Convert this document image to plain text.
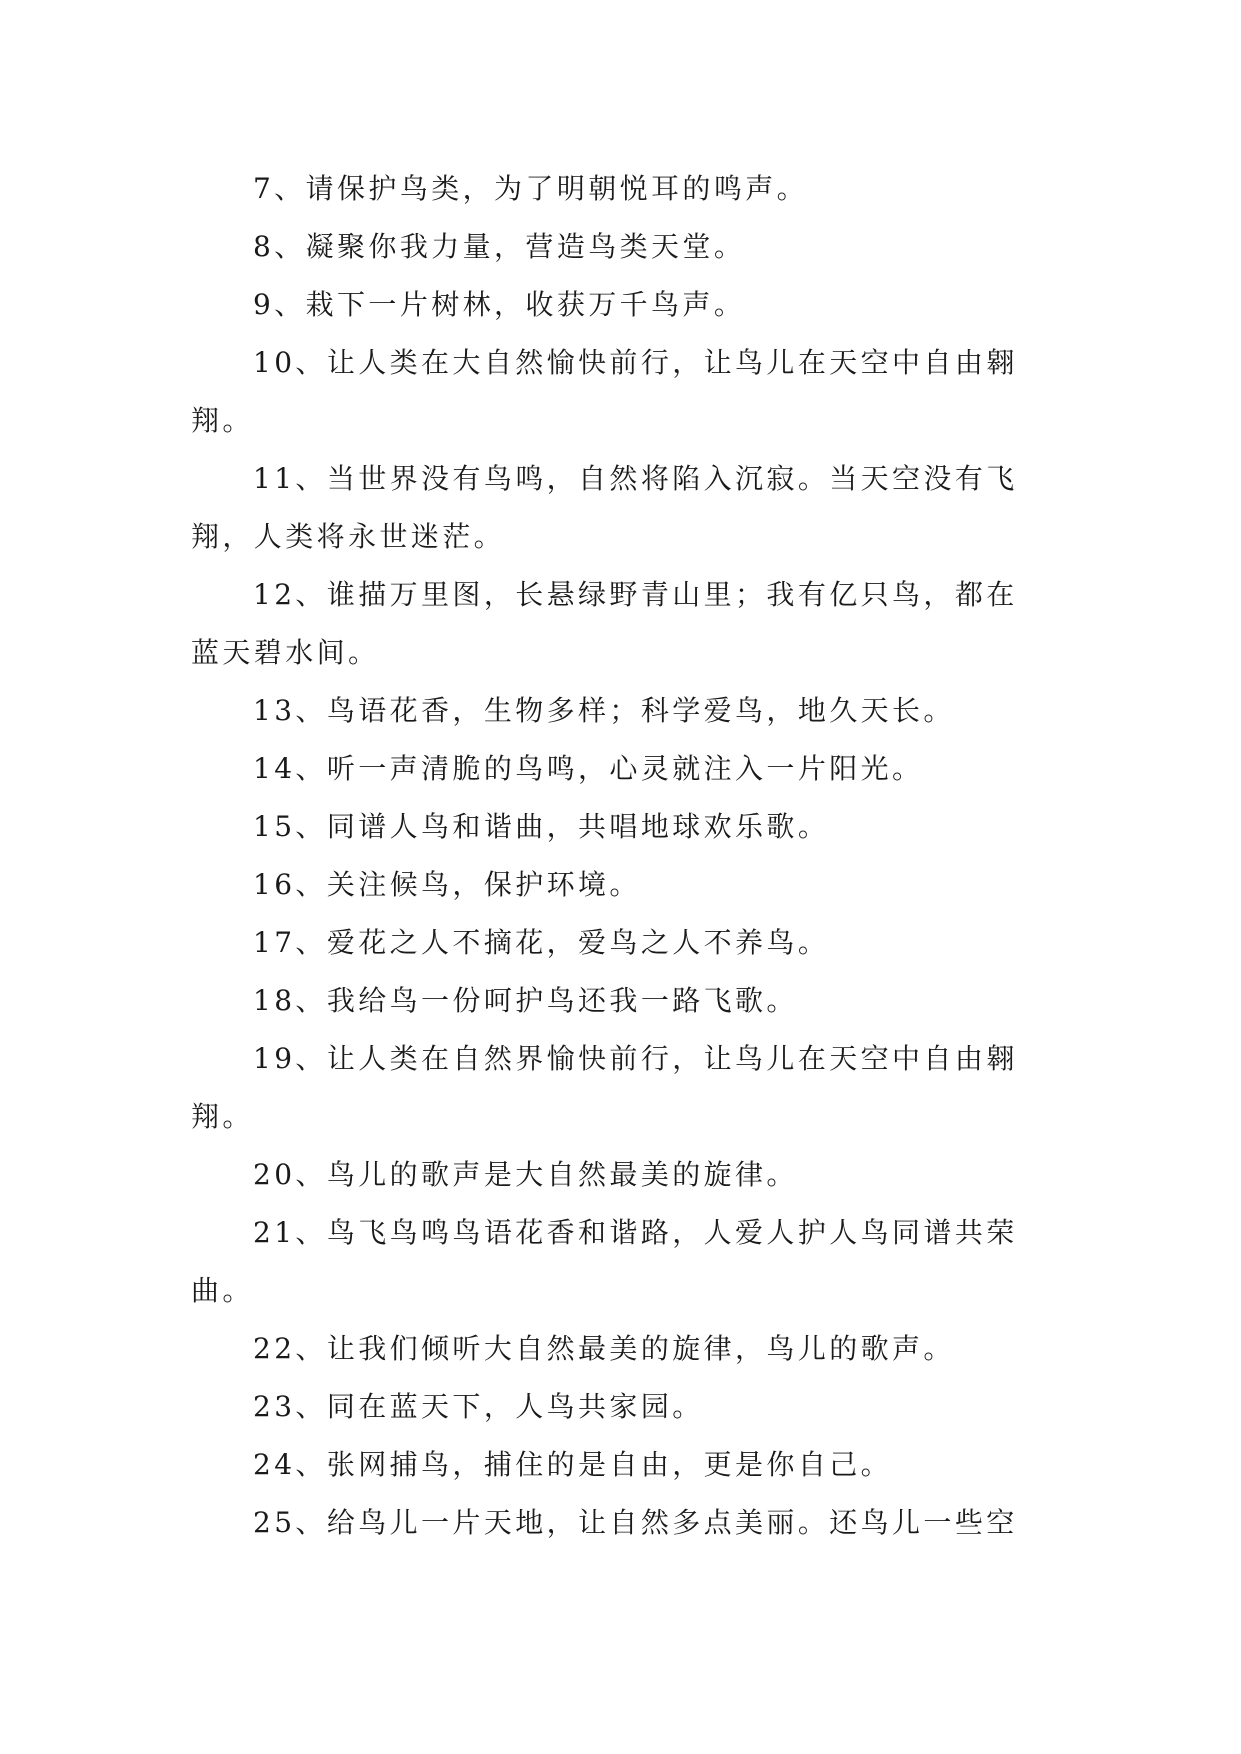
7、请保护鸟类，为了明朝悦耳的鸣声。

8、凝聚你我力量，营造鸟类天堂。

9、栽下一片树林，收获万千鸟声。

10、让人类在大自然愉快前行，让鸟儿在天空中自由翱翔。

11、当世界没有鸟鸣，自然将陷入沉寂。当天空没有飞翔，人类将永世迷茫。

12、谁描万里图，长悬绿野青山里；我有亿只鸟，都在蓝天碧水间。

13、鸟语花香，生物多样；科学爱鸟，地久天长。

14、听一声清脆的鸟鸣，心灵就注入一片阳光。

15、同谱人鸟和谐曲，共唱地球欢乐歌。

16、关注候鸟，保护环境。

17、爱花之人不摘花，爱鸟之人不养鸟。

18、我给鸟一份呵护鸟还我一路飞歌。

19、让人类在自然界愉快前行，让鸟儿在天空中自由翱翔。

20、鸟儿的歌声是大自然最美的旋律。

21、鸟飞鸟鸣鸟语花香和谐路，人爱人护人鸟同谱共荣曲。

22、让我们倾听大自然最美的旋律，鸟儿的歌声。

23、同在蓝天下，人鸟共家园。

24、张网捕鸟，捕住的是自由，更是你自己。

25、给鸟儿一片天地，让自然多点美丽。还鸟儿一些空
